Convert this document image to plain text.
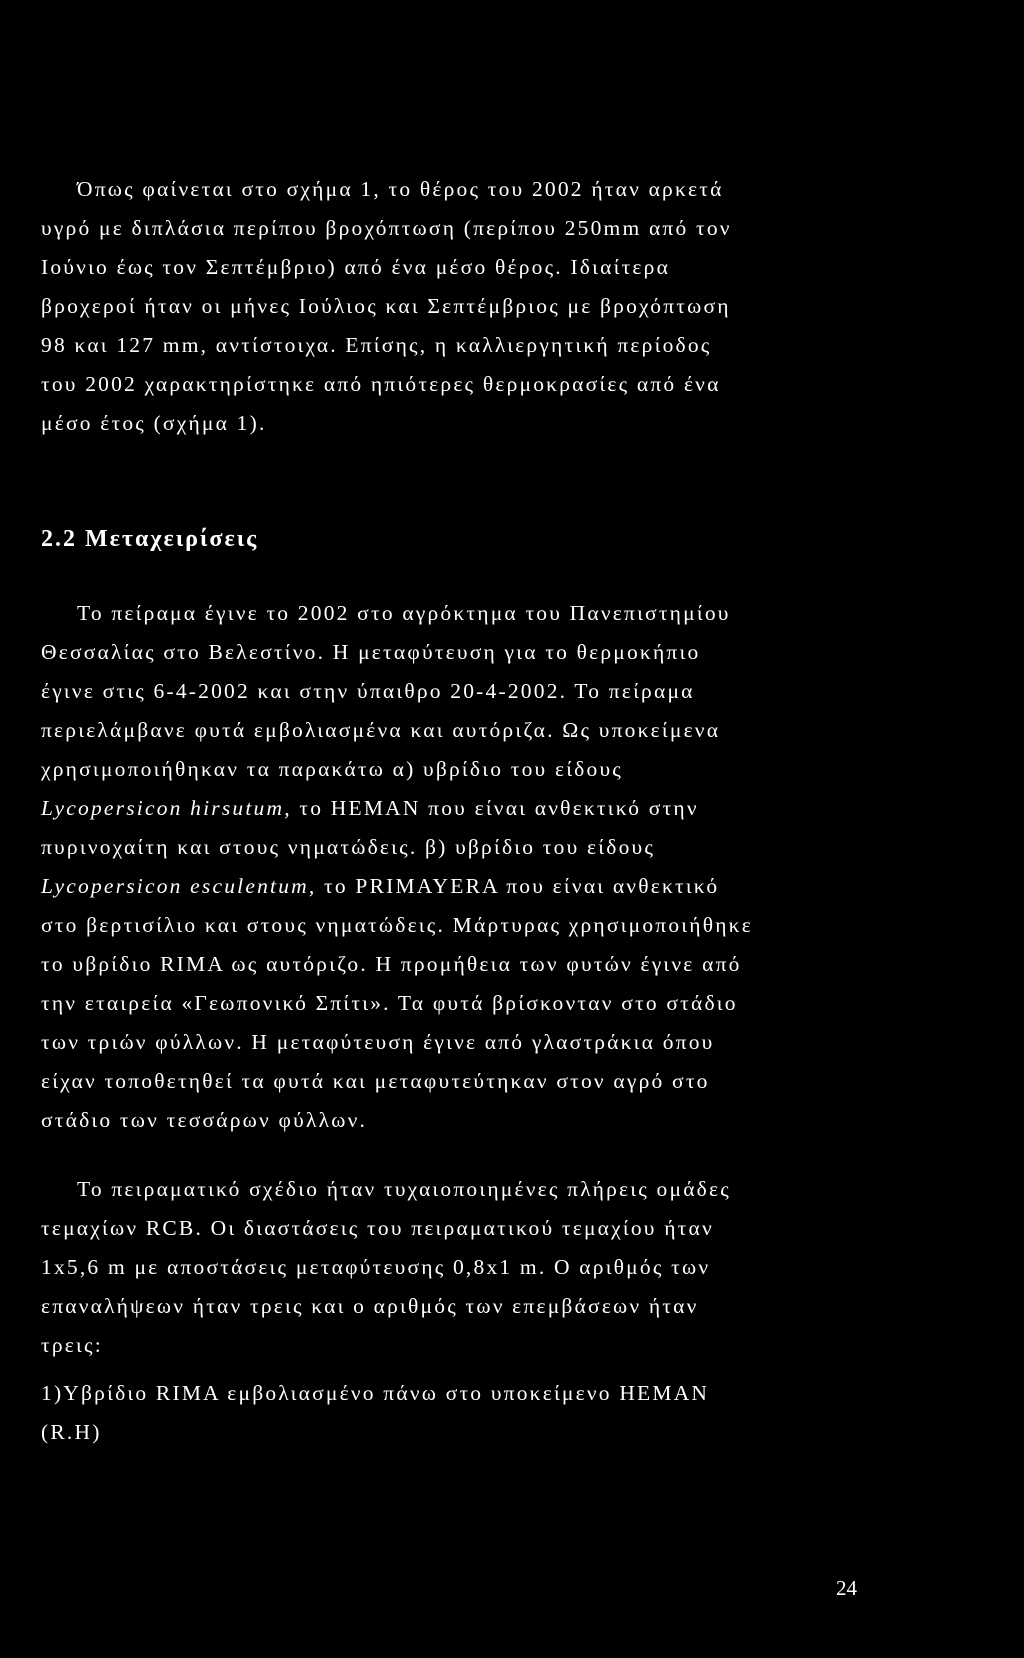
Όπως φαίνεται στο σχήμα 1, το θέρος του 2002 ήταν αρκετά
υγρό με διπλάσια περίπου βροχόπτωση (περίπου 250mm από τον
Ιούνιο έως τον Σεπτέμβριο) από ένα μέσο θέρος. Ιδιαίτερα
βροχεροί ήταν οι μήνες Ιούλιος και Σεπτέμβριος με βροχόπτωση
98 και 127 mm, αντίστοιχα. Επίσης, η καλλιεργητική περίοδος
του 2002 χαρακτηρίστηκε από ηπιότερες θερμοκρασίες από ένα
μέσο έτος (σχήμα 1).
2.2 Μεταχειρίσεις
Το πείραμα έγινε το 2002 στο αγρόκτημα του Πανεπιστημίου
Θεσσαλίας στο Βελεστίνο. Η μεταφύτευση για το θερμοκήπιο
έγινε στις 6-4-2002 και στην ύπαιθρο 20-4-2002. Το πείραμα
περιελάμβανε φυτά εμβολιασμένα και αυτόριζα. Ως υποκείμενα
χρησιμοποιήθηκαν τα παρακάτω α) υβρίδιο του είδους
Lycopersicon hirsutum, το HEMAN που είναι ανθεκτικό στην
πυρινοχαίτη και στους νηματώδεις. β) υβρίδιο του είδους
Lycopersicon esculentum, το PRIMAYERA που είναι ανθεκτικό
στο βερτισίλιο και στους νηματώδεις. Μάρτυρας χρησιμοποιήθηκε
το υβρίδιο RIMA ως αυτόριζο. Η προμήθεια των φυτών έγινε από
την εταιρεία «Γεωπονικό Σπίτι». Τα φυτά βρίσκονταν στο στάδιο
των τριών φύλλων. Η μεταφύτευση έγινε από γλαστράκια όπου
είχαν τοποθετηθεί τα φυτά και μεταφυτεύτηκαν στον αγρό στο
στάδιο των τεσσάρων φύλλων.
Το πειραματικό σχέδιο ήταν τυχαιοποιημένες πλήρεις ομάδες
τεμαχίων RCB. Οι διαστάσεις του πειραματικού τεμαχίου ήταν
1x5,6 m με αποστάσεις μεταφύτευσης 0,8x1 m. Ο αριθμός των
επαναλήψεων ήταν τρεις και ο αριθμός των επεμβάσεων ήταν
τρεις:
1)Υβρίδιο RIMA εμβολιασμένο πάνω στο υποκείμενο HEMAN
(R.H)
24
